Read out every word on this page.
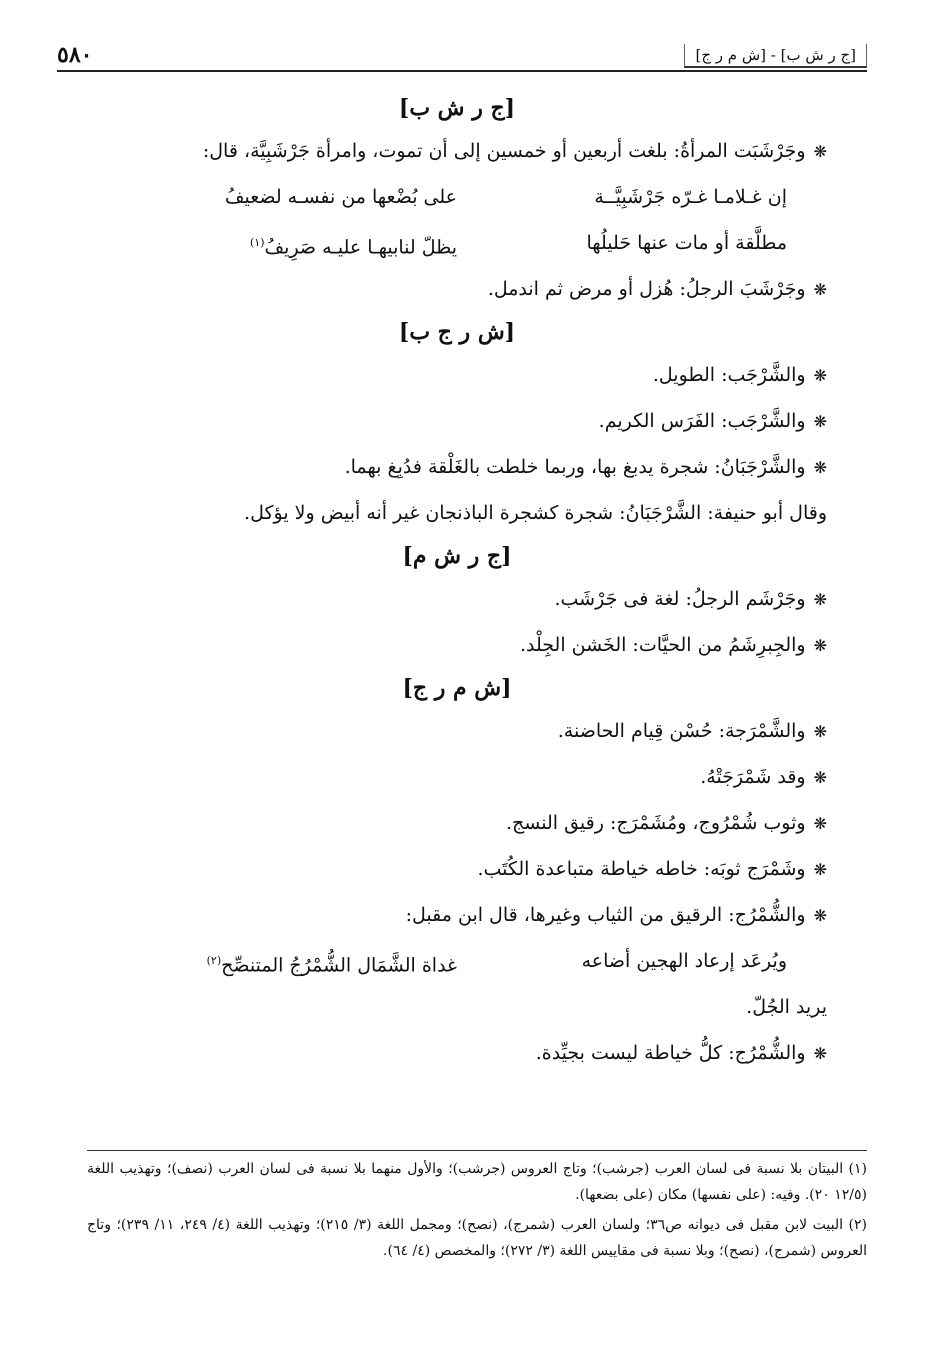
٥٨٠	[ج ر ش ب] - [ش م ر ج]
[ج ر ش ب]
❋وجَرْشَبَت المرأةُ: بلغت أربعين أو خمسين إلى أن تموت، وامرأة جَرْشَبِيَّة، قال:
إن غـلامـا غـرّه جَرْشَبِيَّــة
على بُضْعها من نفسـه لضعيفُ
مطلَّقة أو مات عنها حَليلُها
يظلّ لنابيهـا عليـه صَرِيفُ$^{(١)}$
❋وجَرْشَبَ الرجلُ: هُزل أو مرض ثم اندمل.
[ش ر ج ب]
❋والشَّرْجَب: الطويل.
❋والشَّرْجَب: الفَرَس الكريم.
❋والشَّرْجَبَانُ: شجرة يدبغ بها، وربما خلطت بالغَلْقة فدُبِغ بهما.
وقال أبو حنيفة: الشَّرْجَبَانُ: شجرة كشجرة الباذنجان غير أنه أبيض ولا يؤكل.
[ج ر ش م]
❋وجَرْشَم الرجلُ: لغة فى جَرْشَب.
❋والجِبرِشَمُ من الحيَّات: الخَشن الجِلْد.
[ش م ر ج]
❋والشَّمْرَجة: حُسْن قِيام الحاضنة.
❋وقد شَمْرَجَتْهُ.
❋وثوب شُمْرُوج، ومُشَمْرَج: رقيق النسج.
❋وشَمْرَج ثوبَه: خاطه خياطة متباعدة الكُتَب.
❋والشُّمْرُج: الرقيق من الثياب وغيرها، قال ابن مقبل:
ويُرعَد إرعاد الهجين أضاعه
غداة الشَّمَال الشُّمْرُجُ المتنصِّح$^{(٢)}$
يريد الجُلّ.
❋والشُّمْرُج: كلُّ خياطة ليست بجيِّدة.

(١) البيتان بلا نسبة فى لسان العرب (جرشب)؛ وتاج العروس (جرشب)؛ والأول منهما بلا نسبة فى لسان العرب (نصف)؛ وتهذيب اللغة (١٢/٥ ٢٠). وفيه: (على نفسها) مكان (على بضعها).

(٢) البيت لابن مقبل فى ديوانه ص٣٦؛ ولسان العرب (شمرج)، (نصح)؛ ومجمل اللغة (٣/ ٢١٥)؛ وتهذيب اللغة (٤/ ٢٤٩، ١١/ ٢٣٩)؛ وتاج العروس (شمرج)، (نصح)؛ وبلا نسبة فى مقاييس اللغة (٣/ ٢٧٢)؛ والمخصص (٤/ ٦٤).
